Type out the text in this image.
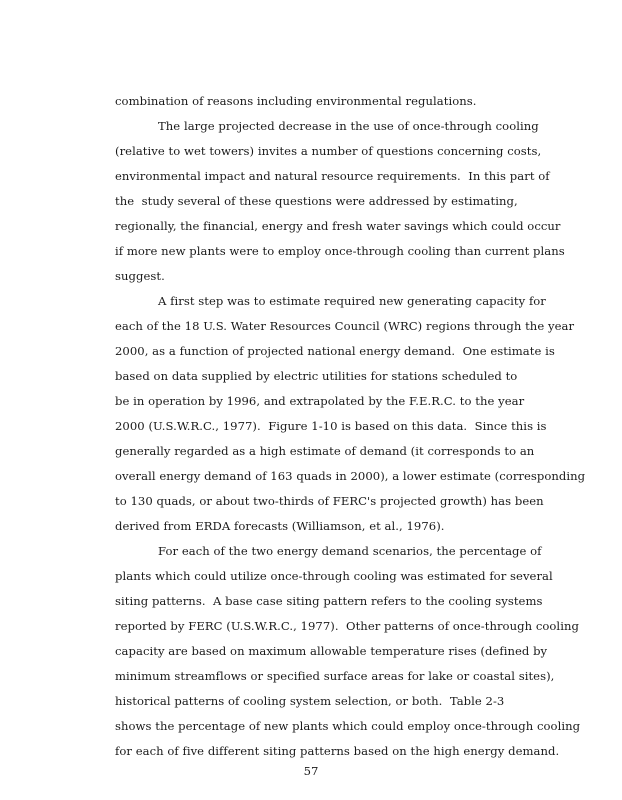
combination of reasons including environmental regulations.
The large projected decrease in the use of once-through cooling
(relative to wet towers) invites a number of questions concerning costs,
environmental impact and natural resource requirements.  In this part of
the  study several of these questions were addressed by estimating,
regionally, the financial, energy and fresh water savings which could occur
if more new plants were to employ once-through cooling than current plans
suggest.
A first step was to estimate required new generating capacity for
each of the 18 U.S. Water Resources Council (WRC) regions through the year
2000, as a function of projected national energy demand.  One estimate is
based on data supplied by electric utilities for stations scheduled to
be in operation by 1996, and extrapolated by the F.E.R.C. to the year
2000 (U.S.W.R.C., 1977).  Figure 1-10 is based on this data.  Since this is
generally regarded as a high estimate of demand (it corresponds to an
overall energy demand of 163 quads in 2000), a lower estimate (corresponding
to 130 quads, or about two-thirds of FERC's projected growth) has been
derived from ERDA forecasts (Williamson, et al., 1976).
For each of the two energy demand scenarios, the percentage of
plants which could utilize once-through cooling was estimated for several
siting patterns.  A base case siting pattern refers to the cooling systems
reported by FERC (U.S.W.R.C., 1977).  Other patterns of once-through cooling
capacity are based on maximum allowable temperature rises (defined by
minimum streamflows or specified surface areas for lake or coastal sites),
historical patterns of cooling system selection, or both.  Table 2-3
shows the percentage of new plants which could employ once-through cooling
for each of five different siting patterns based on the high energy demand.
57
